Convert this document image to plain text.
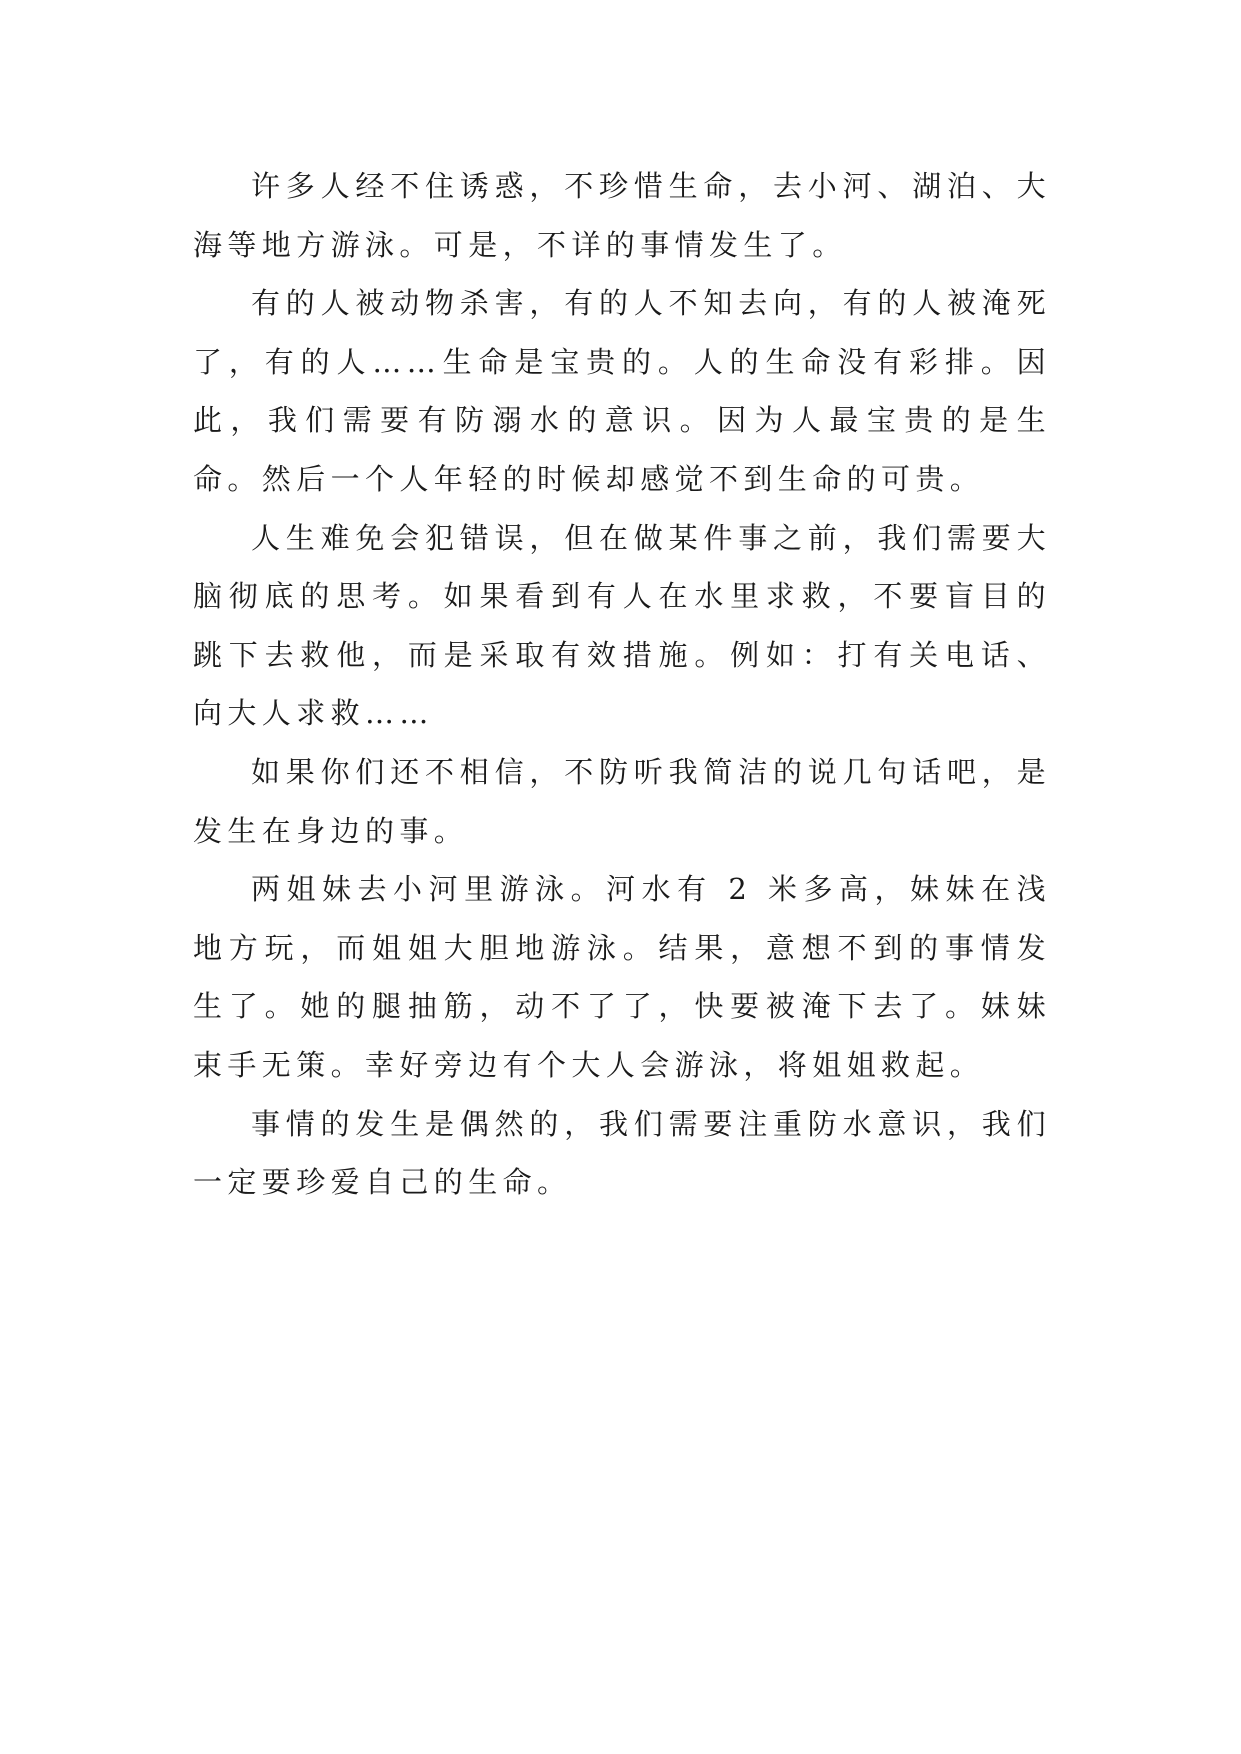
许多人经不住诱惑，不珍惜生命，去小河、湖泊、大海等地方游泳。可是，不详的事情发生了。

有的人被动物杀害，有的人不知去向，有的人被淹死了，有的人……生命是宝贵的。人的生命没有彩排。因此，我们需要有防溺水的意识。因为人最宝贵的是生命。然后一个人年轻的时候却感觉不到生命的可贵。

人生难免会犯错误，但在做某件事之前，我们需要大脑彻底的思考。如果看到有人在水里求救，不要盲目的跳下去救他，而是采取有效措施。例如：打有关电话、向大人求救……

如果你们还不相信，不防听我简洁的说几句话吧，是发生在身边的事。

两姐妹去小河里游泳。河水有 2 米多高，妹妹在浅地方玩，而姐姐大胆地游泳。结果，意想不到的事情发生了。她的腿抽筋，动不了了，快要被淹下去了。妹妹束手无策。幸好旁边有个大人会游泳，将姐姐救起。

事情的发生是偶然的，我们需要注重防水意识，我们一定要珍爱自己的生命。
